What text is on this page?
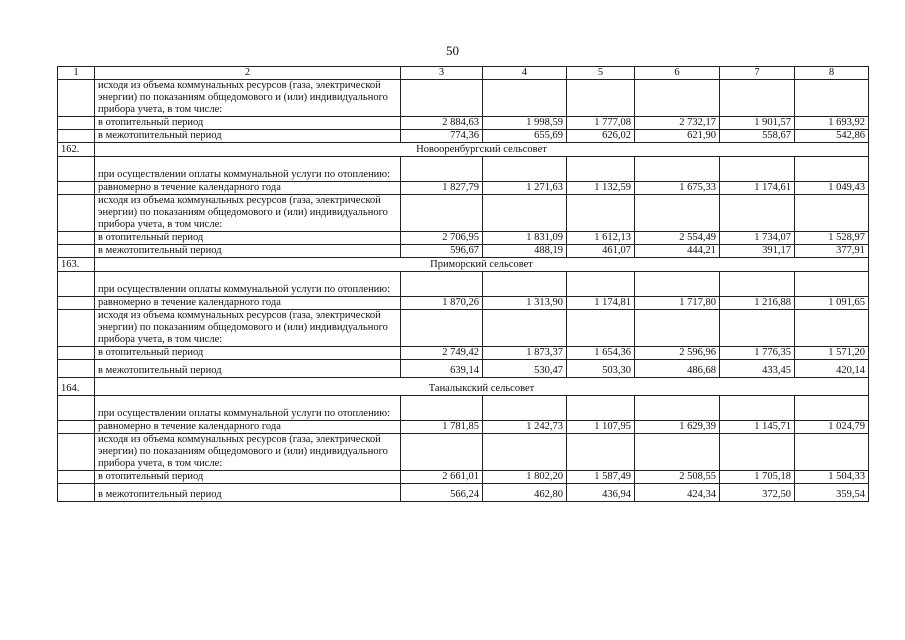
50
1	2	3	4	5	6	7	8
	исходя из объема коммунальных ресурсов (газа, электрической энергии) по показаниям общедомового и (или) индивидуального прибора учета, в том числе:						
	в отопительный период	2 884,63	1 998,59	1 777,08	2 732,17	1 901,57	1 693,92
	в межотопительный период	774,36	655,69	626,02	621,90	558,67	542,86
162.	Новооренбургский сельсовет						
	при осуществлении оплаты коммунальной услуги по отоплению:						
	равномерно в течение календарного года	1 827,79	1 271,63	1 132,59	1 675,33	1 174,61	1 049,43
	исходя из объема коммунальных ресурсов (газа, электрической энергии) по показаниям общедомового и (или) индивидуального прибора учета, в том числе:						
	в отопительный период	2 706,95	1 831,09	1 612,13	2 554,49	1 734,07	1 528,97
	в межотопительный период	596,67	488,19	461,07	444,21	391,17	377,91
163.	Приморский сельсовет						
	при осуществлении оплаты коммунальной услуги по отоплению:						
	равномерно в течение календарного года	1 870,26	1 313,90	1 174,81	1 717,80	1 216,88	1 091,65
	исходя из объема коммунальных ресурсов (газа, электрической энергии) по показаниям общедомового и (или) индивидуального прибора учета, в том числе:						
	в отопительный период	2 749,42	1 873,37	1 654,36	2 596,96	1 776,35	1 571,20
	в межотопительный период	639,14	530,47	503,30	486,68	433,45	420,14
164.	Таналыкский сельсовет						
	при осуществлении оплаты коммунальной услуги по отоплению:						
	равномерно в течение календарного года	1 781,85	1 242,73	1 107,95	1 629,39	1 145,71	1 024,79
	исходя из объема коммунальных ресурсов (газа, электрической энергии) по показаниям общедомового и (или) индивидуального прибора учета, в том числе:						
	в отопительный период	2 661,01	1 802,20	1 587,49	2 508,55	1 705,18	1 504,33
	в межотопительный период	566,24	462,80	436,94	424,34	372,50	359,54
